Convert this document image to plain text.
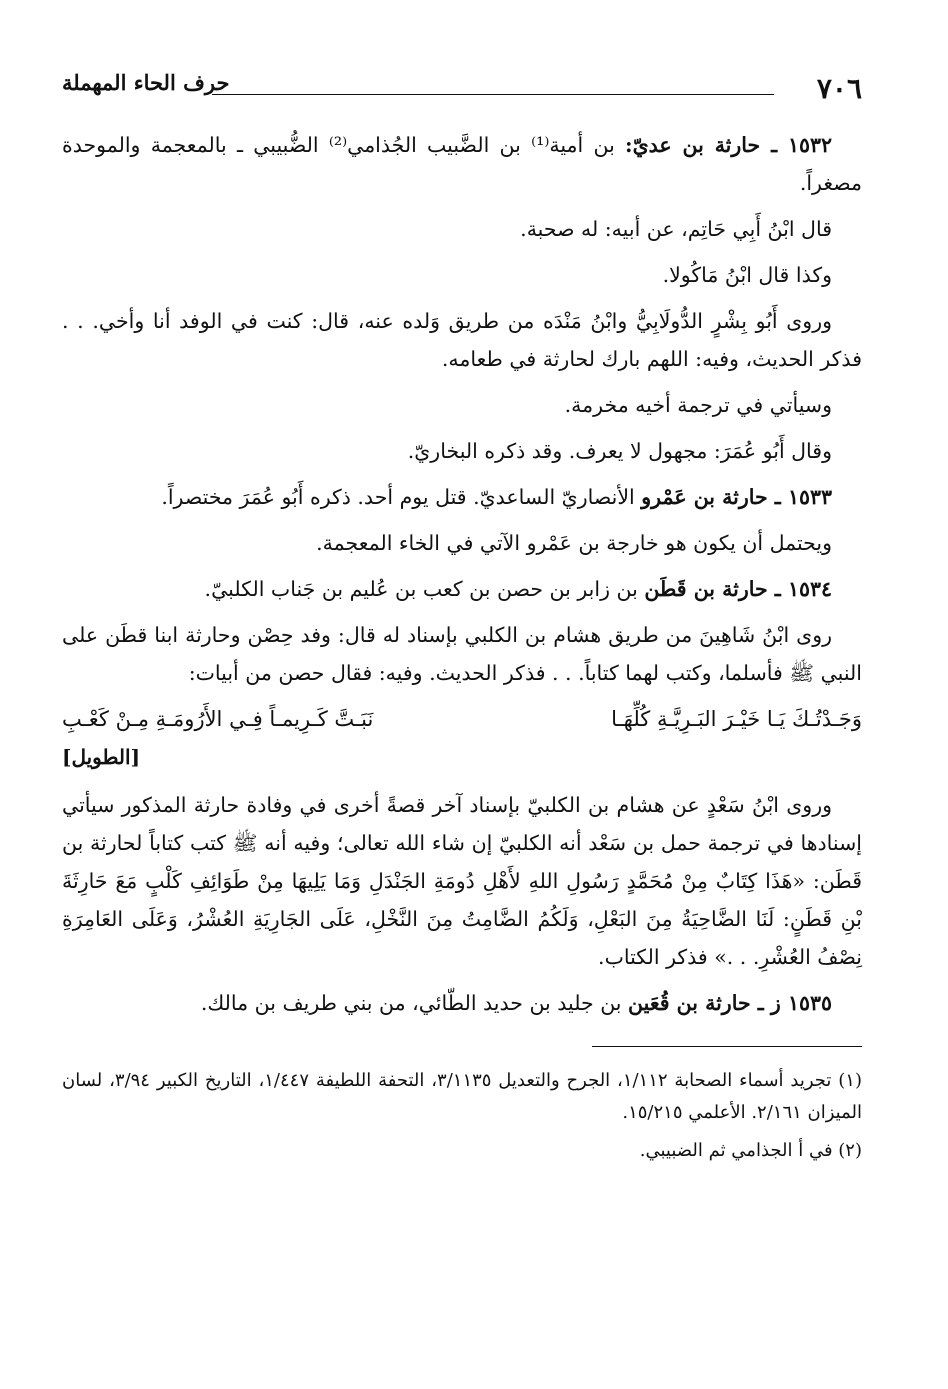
٧٠٦
حرف الحاء المهملة

١٥٣٢ ـ حارثة بن عديّ: بن أمية⁽¹⁾ بن الضَّبيب الجُذامي⁽²⁾ الضُّبيبي ـ بالمعجمة والموحدة مصغراً.

قال ابْنُ أَبِي حَاتِم، عن أبيه: له صحبة.

وكذا قال ابْنُ مَاكُولا.

وروى أَبُو بِشْرٍ الدُّولَابِيُّ وابْنُ مَنْدَه من طريق وَلده عنه، قال: كنت في الوفد أنا وأخي. . . فذكر الحديث، وفيه: اللهم بارك لحارثة في طعامه.

وسيأتي في ترجمة أخيه مخرمة.

وقال أَبُو عُمَرَ: مجهول لا يعرف. وقد ذكره البخاريّ.

١٥٣٣ ـ حارثة بن عَمْرو الأنصاريّ الساعديّ. قتل يوم أحد. ذكره أَبُو عُمَرَ مختصراً.

ويحتمل أن يكون هو خارجة بن عَمْرو الآتي في الخاء المعجمة.

١٥٣٤ ـ حارثة بن قَطَن بن زابر بن حصن بن كعب بن عُليم بن جَناب الكلبيّ.

روى ابْنُ شَاهِينَ من طريق هشام بن الكلبي بإسناد له قال: وفد حِصْن وحارثة ابنا قطَن على النبي ﷺ فأسلما، وكتب لهما كتاباً. . . فذكر الحديث. وفيه: فقال حصن من أبيات:

وَجَـدْتُـكَ يَـا خَيْـرَ البَـرِيَّـةِ كُلِّهَـا
نَبَـتَّ كَـرِيمـاً فِـي الأَرُومَـةِ مِـنْ كَعْـبِ
[الطويل]

وروى ابْنُ سَعْدٍ عن هشام بن الكلبيّ بإسناد آخر قصةً أخرى في وفادة حارثة المذكور سيأتي إسنادها في ترجمة حمل بن سَعْد أنه الكلبيّ إن شاء الله تعالى؛ وفيه أنه ﷺ كتب كتاباً لحارثة بن قَطَن: «هَذَا كِتَابٌ مِنْ مُحَمَّدٍ رَسُولِ اللهِ لأَهْلِ دُومَةِ الجَنْدَلِ وَمَا يَلِيهَا مِنْ طَوَائِفِ كَلْبٍ مَعَ حَارِثَةَ بْنِ قَطَنٍ: لَنَا الضَّاحِيَةُ مِنَ البَعْلِ، وَلَكُمُ الضَّامِتُ مِنَ النَّخْلِ، عَلَى الجَارِيَةِ العُشْرُ، وَعَلَى العَامِرَةِ نِصْفُ العُشْرِ. . .» فذكر الكتاب.

١٥٣٥ ز ـ حارثة بن قُعَين بن جليد بن حديد الطّائي، من بني طريف بن مالك.

(١) تجريد أسماء الصحابة ١/١١٢، الجرح والتعديل ٣/١١٣٥، التحفة اللطيفة ١/٤٤٧، التاريخ الكبير ٣/٩٤، لسان الميزان ٢/١٦١. الأعلمي ١٥/٢١٥.

(٢) في أ الجذامي ثم الضبيبي.
